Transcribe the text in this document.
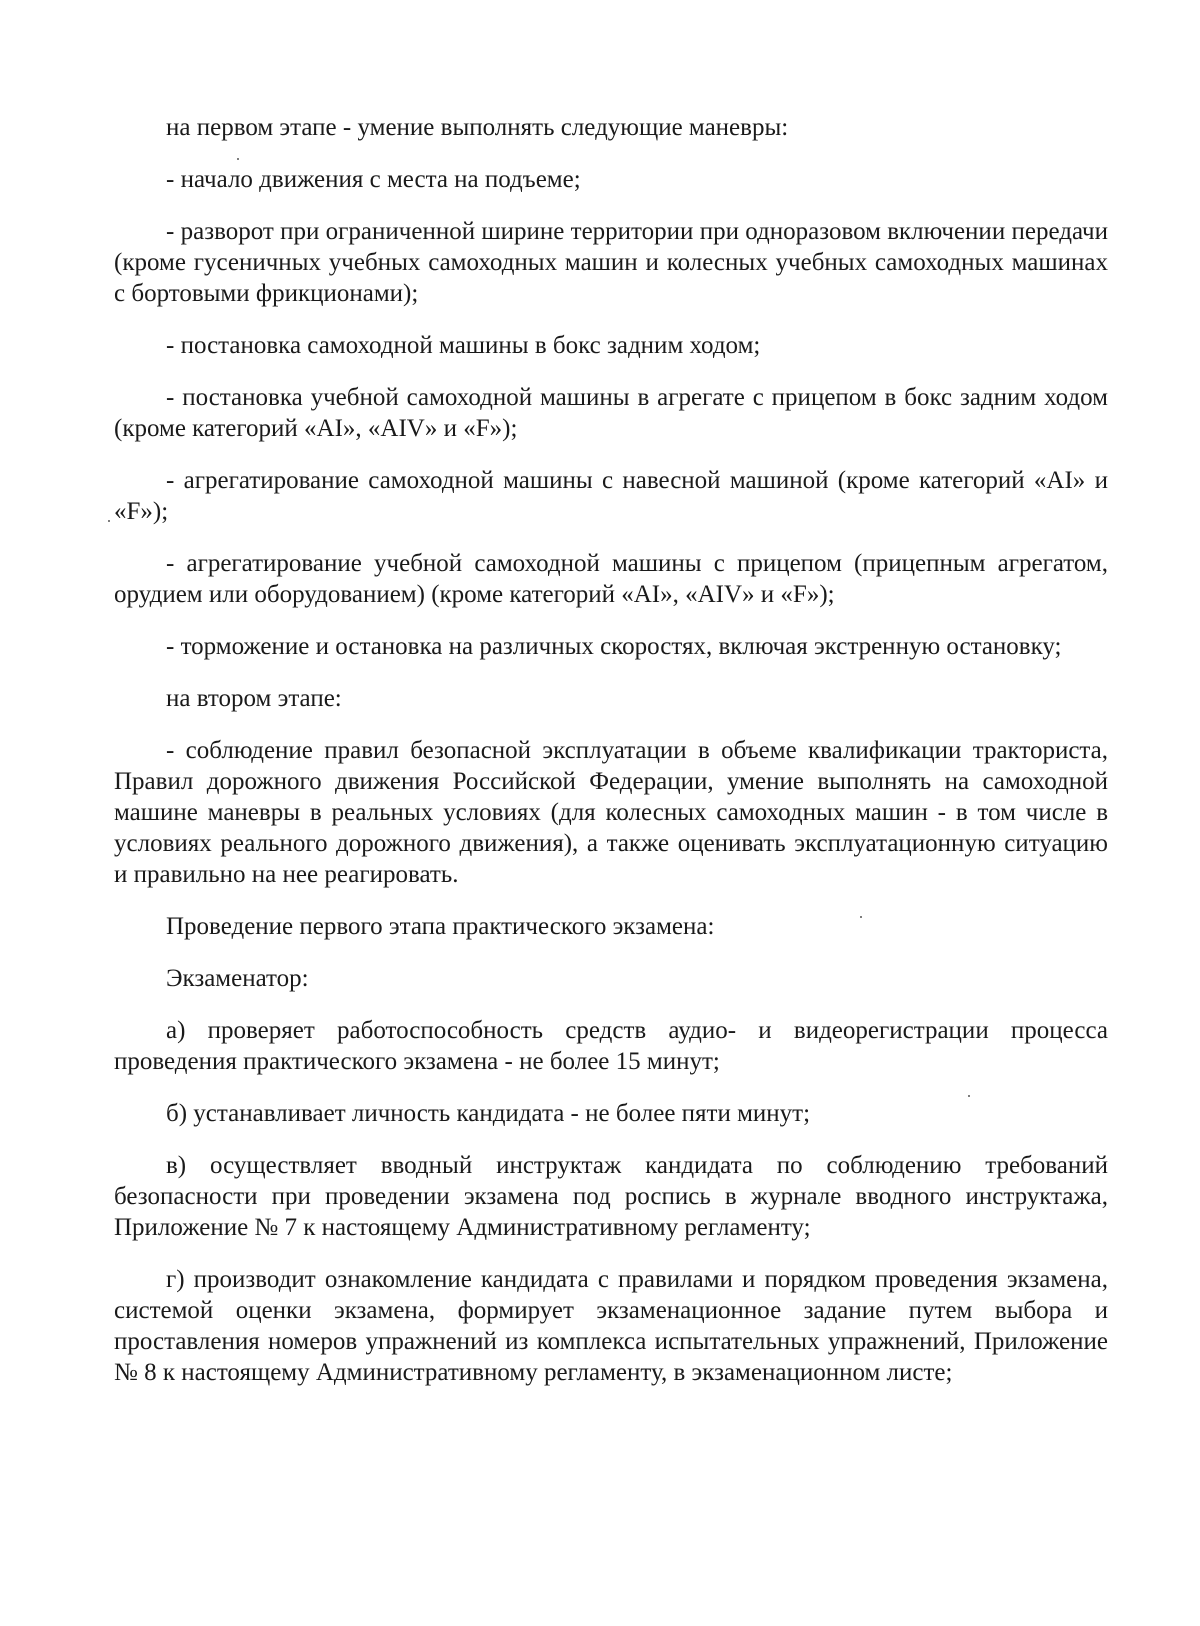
на первом этапе - умение выполнять следующие маневры:

- начало движения с места на подъеме;

- разворот при ограниченной ширине территории при одноразовом включении передачи (кроме гусеничных учебных самоходных машин и колесных учебных самоходных машинах с бортовыми фрикционами);

- постановка самоходной машины в бокс задним ходом;

- постановка учебной самоходной машины в агрегате с прицепом в бокс задним ходом (кроме категорий «AI», «AIV» и «F»);

- агрегатирование самоходной машины с навесной машиной (кроме категорий «AI» и «F»);

- агрегатирование учебной самоходной машины с прицепом (прицепным агрегатом, орудием или оборудованием) (кроме категорий «AI», «AIV» и «F»);

- торможение и остановка на различных скоростях, включая экстренную остановку;

на втором этапе:

- соблюдение правил безопасной эксплуатации в объеме квалификации тракториста, Правил дорожного движения Российской Федерации, умение выполнять на самоходной машине маневры в реальных условиях (для колесных самоходных машин - в том числе в условиях реального дорожного движения), а также оценивать эксплуатационную ситуацию и правильно на нее реагировать.

Проведение первого этапа практического экзамена:

Экзаменатор:

а) проверяет работоспособность средств аудио- и видеорегистрации процесса проведения практического экзамена - не более 15 минут;

б) устанавливает личность кандидата - не более пяти минут;

в) осуществляет вводный инструктаж кандидата по соблюдению требований безопасности при проведении экзамена под роспись в журнале вводного инструктажа, Приложение № 7 к настоящему Административному регламенту;

г) производит ознакомление кандидата с правилами и порядком проведения экзамена, системой оценки экзамена, формирует экзаменационное задание путем выбора и проставления номеров упражнений из комплекса испытательных упражнений, Приложение № 8 к настоящему Административному регламенту, в экзаменационном листе;
